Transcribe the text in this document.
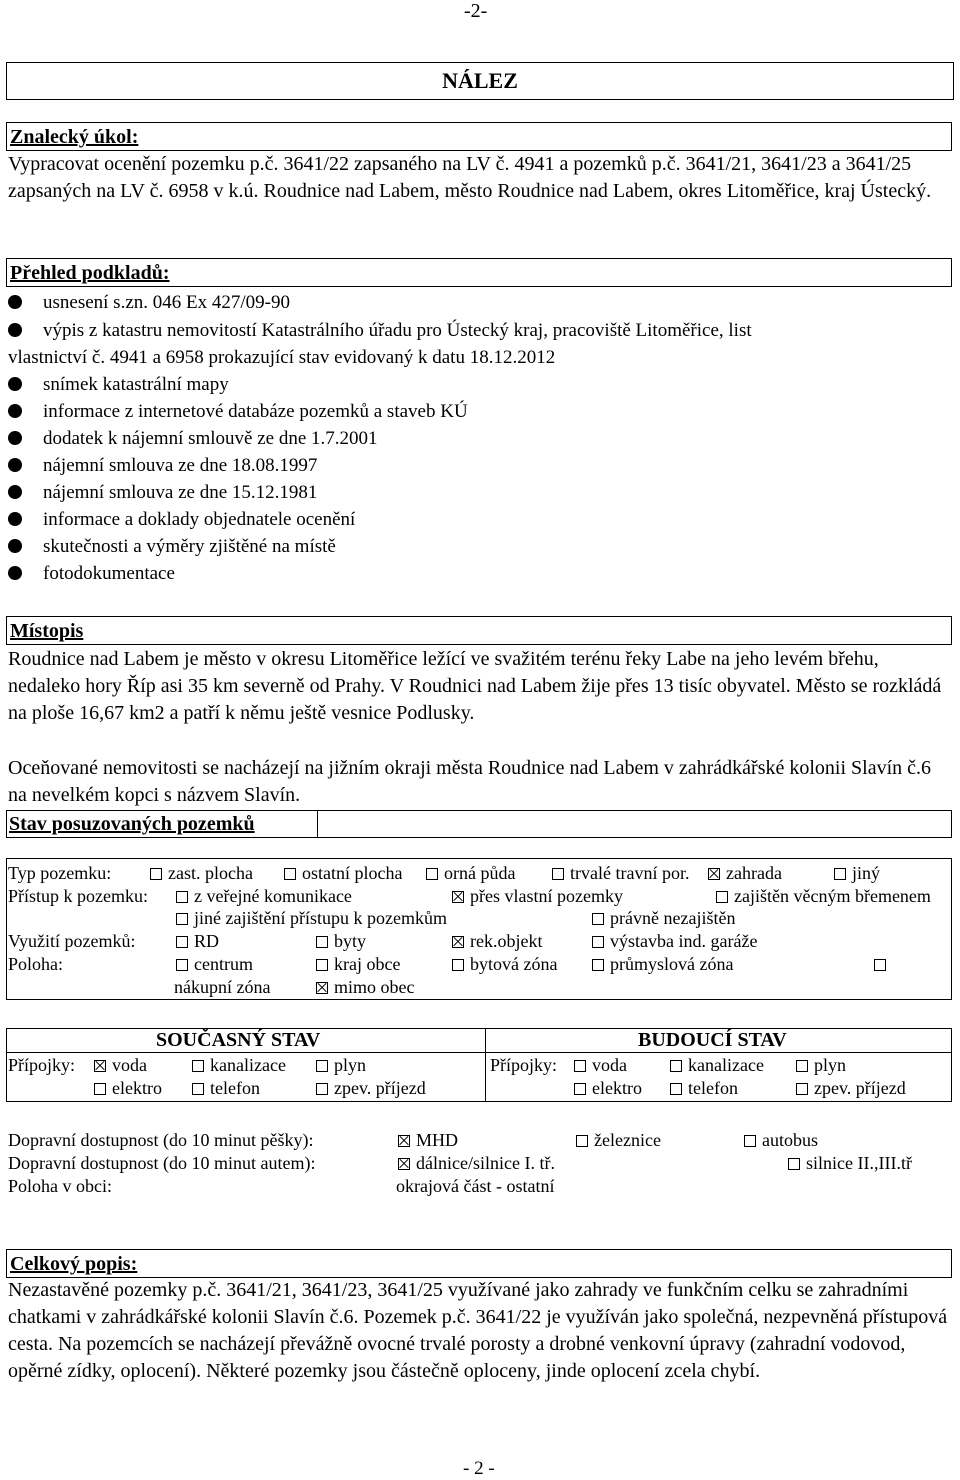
-2-
NÁLEZ
Znalecký úkol:
Vypracovat ocenění pozemku p.č. 3641/22 zapsaného na LV č. 4941 a pozemků p.č. 3641/21, 3641/23 a 3641/25 zapsaných na LV č. 6958 v k.ú. Roudnice nad Labem, město Roudnice nad Labem, okres Litoměřice, kraj Ústecký.
Přehled podkladů:
usnesení s.zn. 046 Ex 427/09-90
výpis z katastru nemovitostí Katastrálního úřadu pro Ústecký kraj, pracoviště Litoměřice, list
vlastnictví č. 4941 a 6958 prokazující stav evidovaný k datu 18.12.2012
snímek katastrální mapy
informace z internetové databáze pozemků a staveb KÚ
dodatek k nájemní smlouvě ze dne 1.7.2001
nájemní smlouva ze dne 18.08.1997
nájemní smlouva ze dne 15.12.1981
informace a doklady objednatele ocenění
skutečnosti a výměry zjištěné na místě
fotodokumentace
Místopis
Roudnice nad Labem je město v okresu Litoměřice ležící ve svažitém terénu řeky Labe na jeho levém břehu, nedaleko hory Říp asi 35 km severně od Prahy. V Roudnici nad Labem žije přes 13 tisíc obyvatel. Město se rozkládá na ploše 16,67 km2 a patří k němu ještě vesnice Podlusky.
Oceňované nemovitosti se nacházejí na jižním okraji města Roudnice nad Labem v zahrádkářské kolonii Slavín č.6 na nevelkém kopci s názvem Slavín.
Stav posuzovaných pozemků
Typ pozemku:	zast. plocha	ostatní plocha	orná půda	trvalé travní por.	zahrada	jiný
Přístup k pozemku:	z veřejné komunikace	přes vlastní pozemky	zajištěn věcným břemenem
jiné zajištění přístupu k pozemkům	právně nezajištěn
Využití pozemků:	RD	byty	rek.objekt	výstavba ind. garáže
Poloha:	centrum	kraj obce	bytová zóna	průmyslová zóna
nákupní zóna	mimo obec
SOUČASNÝ STAV	BUDOUCÍ STAV
Přípojky:	voda	kanalizace	plyn
elektro	telefon	zpev. příjezd
Přípojky:	voda	kanalizace	plyn
elektro	telefon	zpev. příjezd
Dopravní dostupnost (do 10 minut pěšky):	MHD	železnice	autobus
Dopravní dostupnost (do 10 minut autem):	dálnice/silnice I. tř.	silnice II.,III.tř
Poloha v obci:	okrajová část - ostatní
Celkový popis:
Nezastavěné pozemky p.č. 3641/21, 3641/23, 3641/25 využívané jako zahrady ve funkčním celku se zahradními chatkami v zahrádkářské kolonii Slavín č.6. Pozemek p.č. 3641/22 je využíván jako společná, nezpevněná přístupová cesta. Na pozemcích se nacházejí převážně ovocné trvalé porosty a drobné venkovní úpravy (zahradní vodovod, opěrné zídky, oplocení). Některé pozemky jsou částečně oploceny, jinde oplocení zcela chybí.
- 2 -
